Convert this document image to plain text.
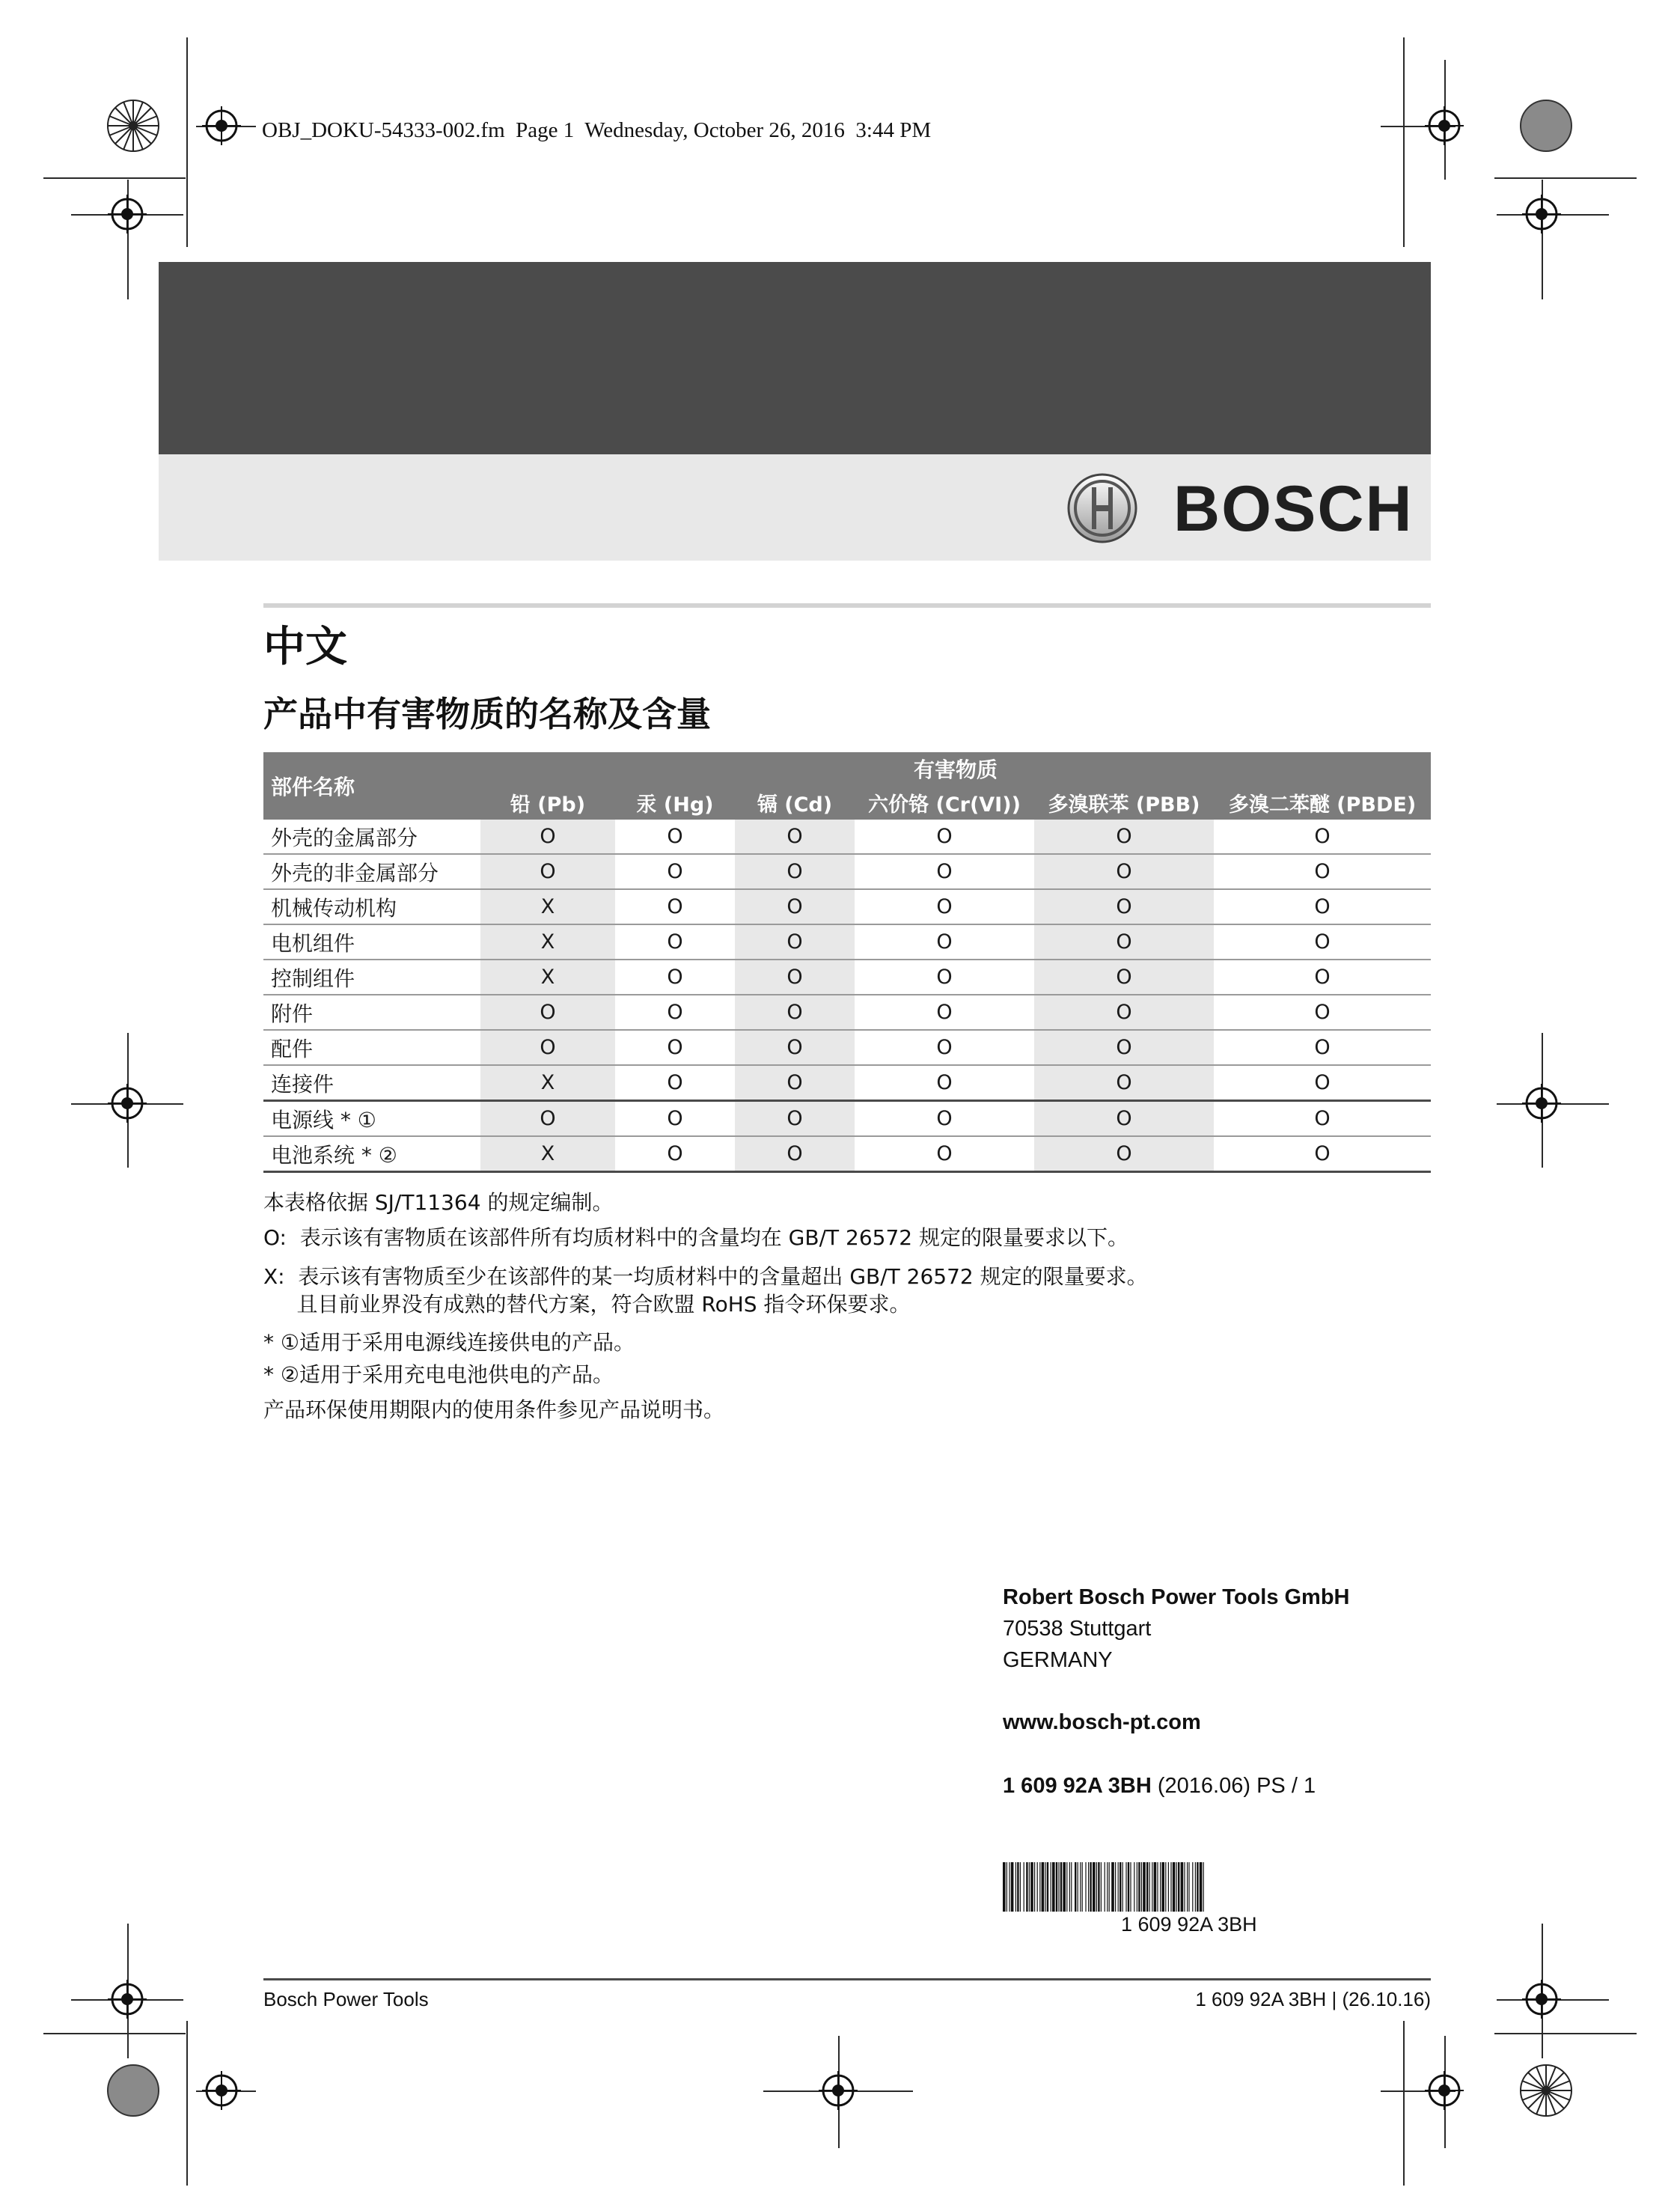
OBJ_DOKU-54333-002.fm  Page 1  Wednesday, October 26, 2016  3:44 PM
BOSCH
中文
产品中有害物质的名称及含量
部件名称	有害物质					
	铅 (Pb)	汞 (Hg)	镉 (Cd)	六价铬 (Cr(VI))	多溴联苯 (PBB)	多溴二苯醚 (PBDE)
外壳的金属部分	O	O	O	O	O	O
外壳的非金属部分	O	O	O	O	O	O
机械传动机构	X	O	O	O	O	O
电机组件	X	O	O	O	O	O
控制组件	X	O	O	O	O	O
附件	O	O	O	O	O	O
配件	O	O	O	O	O	O
连接件	X	O	O	O	O	O
电源线 * ①	O	O	O	O	O	O
电池系统 * ②	X	O	O	O	O	O
本表格依据 SJ/T11364 的规定编制。
O:  表示该有害物质在该部件所有均质材料中的含量均在 GB/T 26572 规定的限量要求以下。
X:  表示该有害物质至少在该部件的某一均质材料中的含量超出 GB/T 26572 规定的限量要求。
且目前业界没有成熟的替代方案，符合欧盟 RoHS 指令环保要求。
* ①适用于采用电源线连接供电的产品。
* ②适用于采用充电电池供电的产品。
产品环保使用期限内的使用条件参见产品说明书。
Robert Bosch Power Tools GmbH
70538 Stuttgart
GERMANY
www.bosch-pt.com
1 609 92A 3BH (2016.06) PS / 1
1 609 92A 3BH
Bosch Power Tools	1 609 92A 3BH | (26.10.16)
